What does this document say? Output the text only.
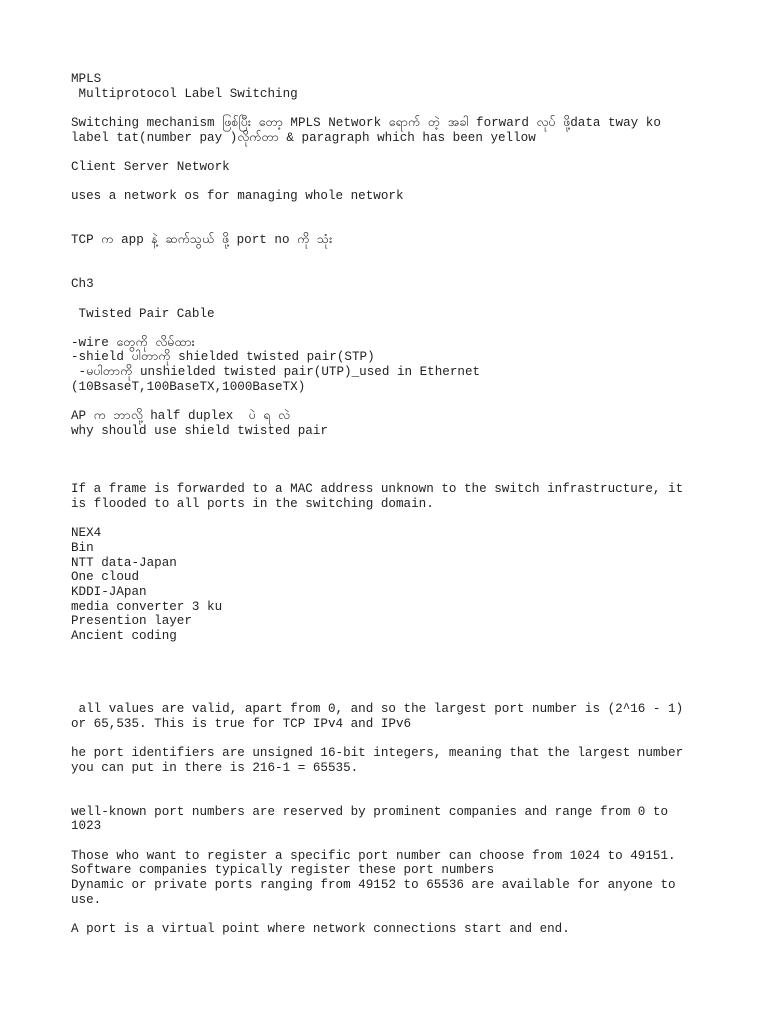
MPLS
Multiprotocol Label Switching
Switching mechanism ဖြစ်ပြီး တော့ MPLS Network ရောက် တဲ့ အခါ forward လုပ် ဖို့data tway ko
label tat(number pay )လိုက်တာ & paragraph which has been yellow
Client Server Network
uses a network os for managing whole network
TCP က app နဲ့ ဆက်သွယ် ဖို့ port no ကို သုံး
Ch3
Twisted Pair Cable
-wire တွေကို လိမ်ထား
-shield ပါတာကို shielded twisted pair(STP)
-မပါတာကို unshielded twisted pair(UTP)_used in Ethernet
(10BsaseT,100BaseTX,1000BaseTX)
AP က ဘာလို့ half duplex  ပဲ ရ လဲ
why should use shield twisted pair
If a frame is forwarded to a MAC address unknown to the switch infrastructure, it
is flooded to all ports in the switching domain.
NEX4
Bin
NTT data-Japan
One cloud
KDDI-JApan
media converter 3 ku
Presention layer
Ancient coding
all values are valid, apart from 0, and so the largest port number is (2^16 - 1)
or 65,535. This is true for TCP IPv4 and IPv6
he port identifiers are unsigned 16-bit integers, meaning that the largest number
you can put in there is 216-1 = 65535.
well-known port numbers are reserved by prominent companies and range from 0 to
1023
Those who want to register a specific port number can choose from 1024 to 49151.
Software companies typically register these port numbers
Dynamic or private ports ranging from 49152 to 65536 are available for anyone to
use.
A port is a virtual point where network connections start and end.
